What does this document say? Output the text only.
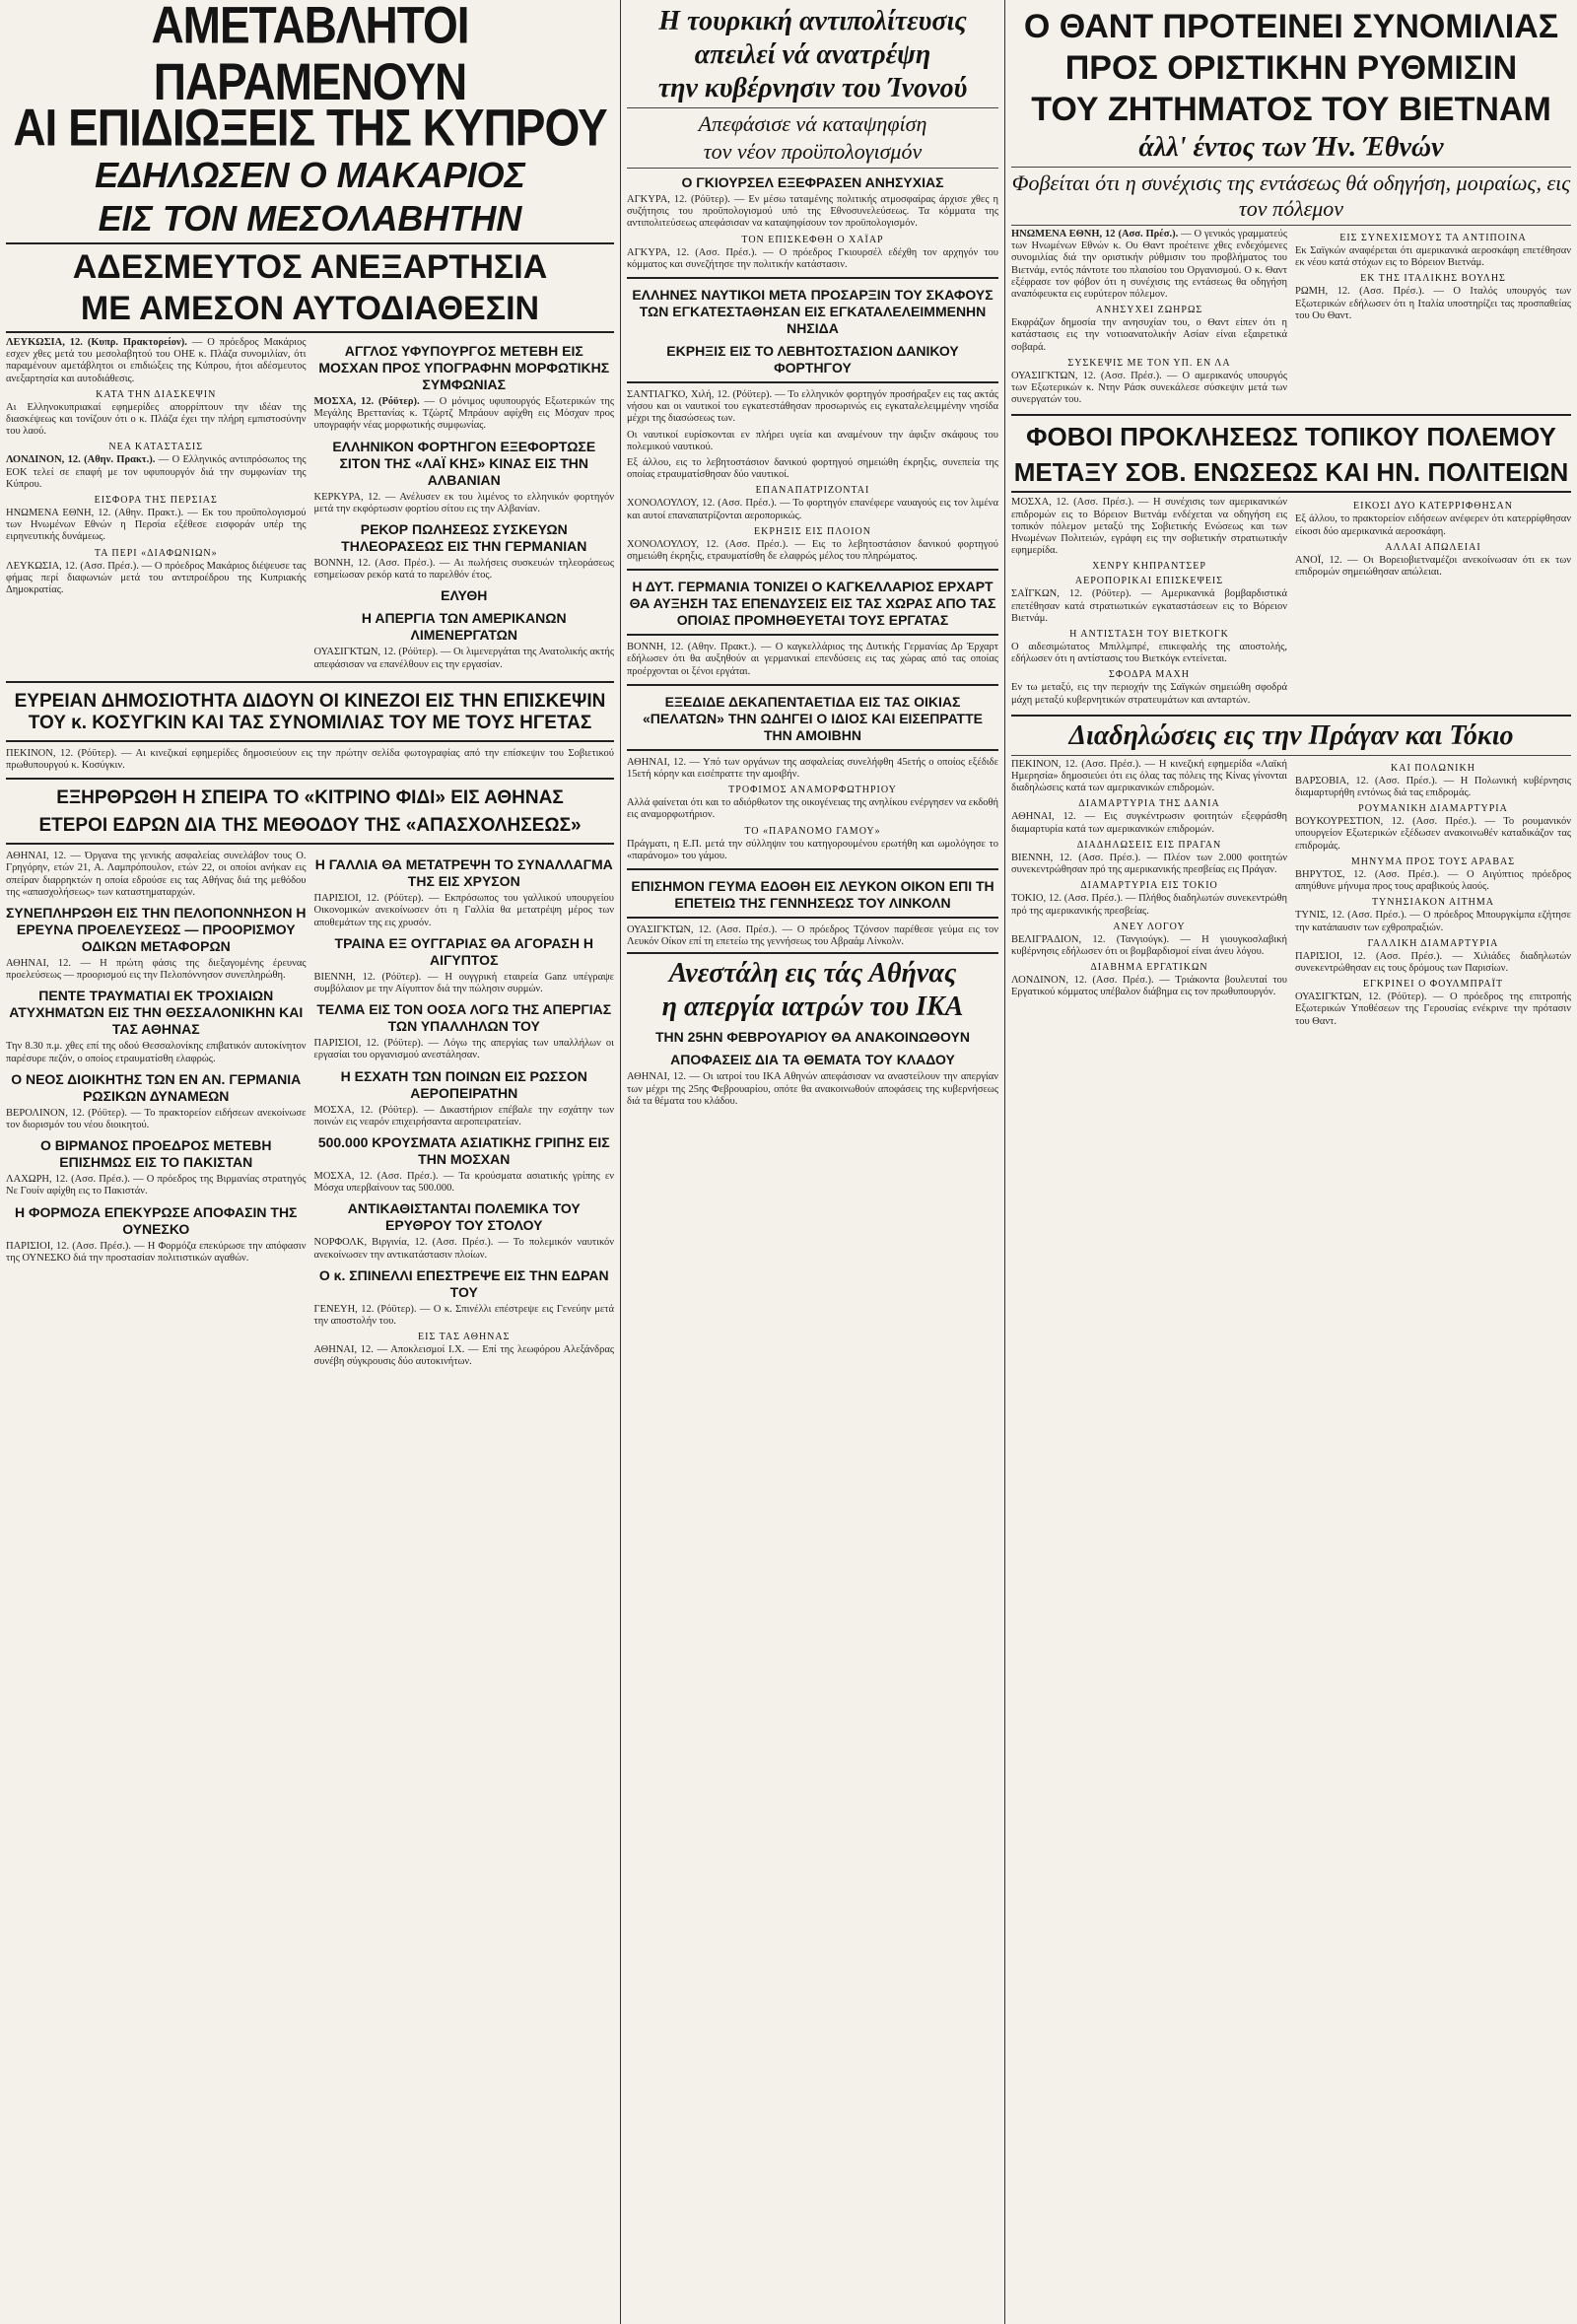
ΑΜΕΤΑΒΛΗΤΟΙ ΠΑΡΑΜΕΝΟΥΝ
ΑΙ ΕΠΙΔΙΩΞΕΙΣ ΤΗΣ ΚΥΠΡΟΥ
ΕΔΗΛΩΣΕΝ Ο ΜΑΚΑΡΙΟΣ
ΕΙΣ ΤΟΝ ΜΕΣΟΛΑΒΗΤΗΝ
ΑΔΕΣΜΕΥΤΟΣ ΑΝΕΞΑΡΤΗΣΙΑ
ΜΕ ΑΜΕΣΟΝ ΑΥΤΟΔΙΑΘΕΣΙΝ

ΛΕΥΚΩΣΙΑ, 12. (Κυπρ. Πρακτορείον). — Ο πρόεδρος Μακάριος εσχεν χθες μετά του μεσολαβητού του ΟΗΕ κ. Πλάζα συνομιλίαν, ότι παραμένουν αμετάβλητοι οι επιδιώξεις της Κύπρου, ήτοι αδέσμευτος ανεξαρτησία και αυτοδιάθεσις.

ΚΑΤΑ ΤΗΝ ΔΙΑΣΚΕΨΙΝ

Αι Ελληνοκυπριακαί εφημερίδες απορρίπτουν την ιδέαν της διασκέψεως και τονίζουν ότι ο κ. Πλάζα έχει την πλήρη εμπιστοσύνην του λαού.

ΝΕΑ ΚΑΤΑΣΤΑΣΙΣ

ΛΟΝΔΙΝΟΝ, 12. (Αθην. Πρακτ.). — Ο Ελληνικός αντιπρόσωπος της ΕΟΚ τελεί σε επαφή με τον υφυπουργόν διά την συμφωνίαν της Κύπρου.

ΕΙΣΦΟΡΑ ΤΗΣ ΠΕΡΣΙΑΣ

ΗΝΩΜΕΝΑ ΕΘΝΗ, 12. (Αθην. Πρακτ.). — Εκ του προϋπολογισμού των Ηνωμένων Εθνών η Περσία εξέθεσε εισφοράν υπέρ της ειρηνευτικής δυνάμεως.

ΤΑ ΠΕΡΙ «ΔΙΑΦΩΝΙΩΝ»

ΛΕΥΚΩΣΙΑ, 12. (Ασσ. Πρέσ.). — Ο πρόεδρος Μακάριος διέψευσε τας φήμας περί διαφωνιών μετά του αντιπροέδρου της Κυπριακής Δημοκρατίας.

ΑΓΓΛΟΣ ΥΦΥΠΟΥΡΓΟΣ ΜΕΤΕΒΗ ΕΙΣ ΜΟΣΧΑΝ ΠΡΟΣ ΥΠΟΓΡΑΦΗΝ ΜΟΡΦΩΤΙΚΗΣ ΣΥΜΦΩΝΙΑΣ

ΜΟΣΧΑ, 12. (Ρόϋτερ). — Ο μόνιμος υφυπουργός Εξωτερικών της Μεγάλης Βρεττανίας κ. Τζώρτζ Μπράουν αφίχθη εις Μόσχαν προς υπογραφήν νέας μορφωτικής συμφωνίας.

ΕΛΛΗΝΙΚΟΝ ΦΟΡΤΗΓΟΝ ΕΞΕΦΟΡΤΩΣΕ ΣΙΤΟΝ ΤΗΣ «ΛΑΪ ΚΗΣ» ΚΙΝΑΣ ΕΙΣ ΤΗΝ ΑΛΒΑΝΙΑΝ

ΚΕΡΚΥΡΑ, 12. — Ανέλυσεν εκ του λιμένος το ελληνικόν φορτηγόν μετά την εκφόρτωσιν φορτίου σίτου εις την Αλβανίαν.

ΡΕΚΟΡ ΠΩΛΗΣΕΩΣ ΣΥΣΚΕΥΩΝ ΤΗΛΕΟΡΑΣΕΩΣ ΕΙΣ ΤΗΝ ΓΕΡΜΑΝΙΑΝ

ΒΟΝΝΗ, 12. (Ασσ. Πρέσ.). — Αι πωλήσεις συσκευών τηλεοράσεως εσημείωσαν ρεκόρ κατά το παρελθόν έτος.

ΕΛΥΘΗ
Η ΑΠΕΡΓΙΑ ΤΩΝ ΑΜΕΡΙΚΑΝΩΝ ΛΙΜΕΝΕΡΓΑΤΩΝ

ΟΥΑΣΙΓΚΤΩΝ, 12. (Ρόϋτερ). — Οι λιμενεργάται της Ανατολικής ακτής απεφάσισαν να επανέλθουν εις την εργασίαν.

ΕΥΡΕΙΑΝ ΔΗΜΟΣΙΟΤΗΤΑ ΔΙΔΟΥΝ ΟΙ ΚΙΝΕΖΟΙ ΕΙΣ ΤΗΝ ΕΠΙΣΚΕΨΙΝ ΤΟΥ κ. ΚΟΣΥΓΚΙΝ ΚΑΙ ΤΑΣ ΣΥΝΟΜΙΛΙΑΣ ΤΟΥ ΜΕ ΤΟΥΣ ΗΓΕΤΑΣ

ΠΕΚΙΝΟΝ, 12. (Ρόϋτερ). — Αι κινεζικαί εφημερίδες δημοσιεύουν εις την πρώτην σελίδα φωτογραφίας από την επίσκεψιν του Σοβιετικού πρωθυπουργού κ. Κοσύγκιν.

ΕΞΗΡΘΡΩΘΗ Η ΣΠΕΙΡΑ ΤΟ «ΚΙΤΡΙΝΟ ΦΙΔΙ» ΕΙΣ ΑΘΗΝΑΣ
ΕΤΕΡΟΙ ΕΔΡΩΝ ΔΙΑ ΤΗΣ ΜΕΘΟΔΟΥ ΤΗΣ «ΑΠΑΣΧΟΛΗΣΕΩΣ»

ΑΘΗΝΑΙ, 12. — Όργανα της γενικής ασφαλείας συνελάβον τους Ο. Γρηγόρην, ετών 21, Α. Λαμπρόπουλον, ετών 22, οι οποίοι ανήκαν εις σπείραν διαρρηκτών η οποία εδρούσε εις τας Αθήνας διά της μεθόδου της «απασχολήσεως» των καταστηματαρχών.

ΣΥΝΕΠΛΗΡΩΘΗ ΕΙΣ ΤΗΝ ΠΕΛΟΠΟΝΝΗΣΟΝ Η ΕΡΕΥΝΑ ΠΡΟΕΛΕΥΣΕΩΣ — ΠΡΟΟΡΙΣΜΟΥ ΟΔΙΚΩΝ ΜΕΤΑΦΟΡΩΝ

ΑΘΗΝΑΙ, 12. — Η πρώτη φάσις της διεξαγομένης έρευνας προελεύσεως — προορισμού εις την Πελοπόννησον συνεπληρώθη.

ΠΕΝΤΕ ΤΡΑΥΜΑΤΙΑΙ ΕΚ ΤΡΟΧΙΑΙΩΝ ΑΤΥΧΗΜΑΤΩΝ ΕΙΣ ΤΗΝ ΘΕΣΣΑΛΟΝΙΚΗΝ ΚΑΙ ΤΑΣ ΑΘΗΝΑΣ

Την 8.30 π.μ. χθες επί της οδού Θεσσαλονίκης επιβατικόν αυτοκίνητον παρέσυρε πεζόν, ο οποίος ετραυματίσθη ελαφρώς.

Ο ΝΕΟΣ ΔΙΟΙΚΗΤΗΣ ΤΩΝ ΕΝ ΑΝ. ΓΕΡΜΑΝΙΑ ΡΩΣΙΚΩΝ ΔΥΝΑΜΕΩΝ

ΒΕΡΟΛΙΝΟΝ, 12. (Ρόϋτερ). — Το πρακτορείον ειδήσεων ανεκοίνωσε τον διορισμόν του νέου διοικητού.

Ο ΒΙΡΜΑΝΟΣ ΠΡΟΕΔΡΟΣ ΜΕΤΕΒΗ ΕΠΙΣΗΜΩΣ ΕΙΣ ΤΟ ΠΑΚΙΣΤΑΝ

ΛΑΧΩΡΗ, 12. (Ασσ. Πρέσ.). — Ο πρόεδρος της Βιρμανίας στρατηγός Νε Γουίν αφίχθη εις το Πακιστάν.

Η ΦΟΡΜΟΖΑ ΕΠΕΚΥΡΩΣΕ ΑΠΟΦΑΣΙΝ ΤΗΣ ΟΥΝΕΣΚΟ

ΠΑΡΙΣΙΟΙ, 12. (Ασσ. Πρέσ.). — Η Φορμόζα επεκύρωσε την απόφασιν της ΟΥΝΕΣΚΟ διά την προστασίαν πολιτιστικών αγαθών.

Η ΓΑΛΛΙΑ ΘΑ ΜΕΤΑΤΡΕΨΗ ΤΟ ΣΥΝΑΛΛΑΓΜΑ ΤΗΣ ΕΙΣ ΧΡΥΣΟΝ

ΠΑΡΙΣΙΟΙ, 12. (Ρόϋτερ). — Εκπρόσωπος του γαλλικού υπουργείου Οικονομικών ανεκοίνωσεν ότι η Γαλλία θα μετατρέψη μέρος των αποθεμάτων της εις χρυσόν.

ΤΡΑΙΝΑ ΕΞ ΟΥΓΓΑΡΙΑΣ ΘΑ ΑΓΟΡΑΣΗ Η ΑΙΓΥΠΤΟΣ

ΒΙΕΝΝΗ, 12. (Ρόϋτερ). — Η ουγγρική εταιρεία Ganz υπέγραψε συμβόλαιον με την Αίγυπτον διά την πώλησιν συρμών.

ΤΕΛΜΑ ΕΙΣ ΤΟΝ ΟΟΣΑ ΛΟΓΩ ΤΗΣ ΑΠΕΡΓΙΑΣ ΤΩΝ ΥΠΑΛΛΗΛΩΝ ΤΟΥ

ΠΑΡΙΣΙΟΙ, 12. (Ρόϋτερ). — Λόγω της απεργίας των υπαλλήλων οι εργασίαι του οργανισμού ανεστάλησαν.

Η ΕΣΧΑΤΗ ΤΩΝ ΠΟΙΝΩΝ ΕΙΣ ΡΩΣΣΟΝ ΑΕΡΟΠΕΙΡΑΤΗΝ

ΜΟΣΧΑ, 12. (Ρόϋτερ). — Δικαστήριον επέβαλε την εσχάτην των ποινών εις νεαρόν επιχειρήσαντα αεροπειρατείαν.

500.000 ΚΡΟΥΣΜΑΤΑ ΑΣΙΑΤΙΚΗΣ ΓΡΙΠΗΣ ΕΙΣ ΤΗΝ ΜΟΣΧΑΝ

ΜΟΣΧΑ, 12. (Ασσ. Πρέσ.). — Τα κρούσματα ασιατικής γρίπης εν Μόσχα υπερβαίνουν τας 500.000.

ΑΝΤΙΚΑΘΙΣΤΑΝΤΑΙ ΠΟΛΕΜΙΚΑ ΤΟΥ ΕΡΥΘΡΟΥ ΤΟΥ ΣΤΟΛΟΥ

ΝΟΡΦΟΛΚ, Βιργινία, 12. (Ασσ. Πρέσ.). — Το πολεμικόν ναυτικόν ανεκοίνωσεν την αντικατάστασιν πλοίων.

Ο κ. ΣΠΙΝΕΛΛΙ ΕΠΕΣΤΡΕΨΕ ΕΙΣ ΤΗΝ ΕΔΡΑΝ ΤΟΥ

ΓΕΝΕΥΗ, 12. (Ρόϋτερ). — Ο κ. Σπινέλλι επέστρεψε εις Γενεύην μετά την αποστολήν του.

ΕΙΣ ΤΑΣ ΑΘΗΝΑΣ

ΑΘΗΝΑΙ, 12. — Αποκλεισμοί Ι.Χ. — Επί της λεωφόρου Αλεξάνδρας συνέβη σύγκρουσις δύο αυτοκινήτων.

Η τουρκική αντιπολίτευσις
απειλεί νά ανατρέψη
την κυβέρνησιν του Ίνονού
Απεφάσισε νά καταψηφίση
τον νέον προϋπολογισμόν
Ο ΓΚΙΟΥΡΣΕΛ ΕΞΕΦΡΑΣΕΝ ΑΝΗΣΥΧΙΑΣ

ΑΓΚΥΡΑ, 12. (Ρόϋτερ). — Εν μέσω ταταμένης πολιτικής ατμοσφαίρας άρχισε χθες η συζήτησις του προϋπολογισμού υπό της Εθνοσυνελεύσεως. Τα κόμματα της αντιπολιτεύσεως απεφάσισαν να καταψηφίσουν τον προϋπολογισμόν.

ΤΟΝ ΕΠΙΣΚΕΦΘΗ Ο ΧΑΪΑΡ

ΑΓΚΥΡΑ, 12. (Ασσ. Πρέσ.). — Ο πρόεδρος Γκιουρσέλ εδέχθη τον αρχηγόν του κόμματος και συνεζήτησε την πολιτικήν κατάστασιν.

ΕΛΛΗΝΕΣ ΝΑΥΤΙΚΟΙ ΜΕΤΑ ΠΡΟΣΑΡΞΙΝ ΤΟΥ ΣΚΑΦΟΥΣ ΤΩΝ ΕΓΚΑΤΕΣΤΑΘΗΣΑΝ ΕΙΣ ΕΓΚΑΤΑΛΕΛΕΙΜΜΕΝΗΝ ΝΗΣΙΔΑ
ΕΚΡΗΞΙΣ ΕΙΣ ΤΟ ΛΕΒΗΤΟΣΤΑΣΙΟΝ ΔΑΝΙΚΟΥ ΦΟΡΤΗΓΟΥ

ΣΑΝΤΙΑΓΚΟ, Χιλή, 12. (Ρόϋτερ). — Το ελληνικόν φορτηγόν προσήραξεν εις τας ακτάς νήσου και οι ναυτικοί του εγκατεστάθησαν προσωρινώς εις εγκαταλελειμμένην νησίδα μέχρι της διασώσεως των.

Οι ναυτικοί ευρίσκονται εν πλήρει υγεία και αναμένουν την άφιξιν σκάφους του πολεμικού ναυτικού.

Εξ άλλου, εις το λεβητοστάσιον δανικού φορτηγού σημειώθη έκρηξις, συνεπεία της οποίας ετραυματίσθησαν δύο ναυτικοί.

ΕΠΑΝΑΠΑΤΡΙΖΟΝΤΑΙ

ΧΟΝΟΛΟΥΛΟΥ, 12. (Ασσ. Πρέσ.). — Το φορτηγόν επανέφερε ναυαγούς εις τον λιμένα και αυτοί επαναπατρίζονται αεροπορικώς.

ΕΚΡΗΞΙΣ ΕΙΣ ΠΛΟΙΟΝ

ΧΟΝΟΛΟΥΛΟΥ, 12. (Ασσ. Πρέσ.). — Εις το λεβητοστάσιον δανικού φορτηγού σημειώθη έκρηξις, ετραυματίσθη δε ελαφρώς μέλος του πληρώματος.

Η ΔΥΤ. ΓΕΡΜΑΝΙΑ ΤΟΝΙΖΕΙ Ο ΚΑΓΚΕΛΛΑΡΙΟΣ ΕΡΧΑΡΤ ΘΑ ΑΥΞΗΣΗ ΤΑΣ ΕΠΕΝΔΥΣΕΙΣ ΕΙΣ ΤΑΣ ΧΩΡΑΣ ΑΠΟ ΤΑΣ ΟΠΟΙΑΣ ΠΡΟΜΗΘΕΥΕΤΑΙ ΤΟΥΣ ΕΡΓΑΤΑΣ

ΒΟΝΝΗ, 12. (Αθην. Πρακτ.). — Ο καγκελλάριος της Δυτικής Γερμανίας Δρ Έρχαρτ εδήλωσεν ότι θα αυξηθούν αι γερμανικαί επενδύσεις εις τας χώρας από τας οποίας προέρχονται οι ξένοι εργάται.

ΕΞΕΔΙΔΕ ΔΕΚΑΠΕΝΤΑΕΤΙΔΑ ΕΙΣ ΤΑΣ ΟΙΚΙΑΣ «ΠΕΛΑΤΩΝ» ΤΗΝ ΩΔΗΓΕΙ Ο ΙΔΙΟΣ ΚΑΙ ΕΙΣΕΠΡΑΤΤΕ ΤΗΝ ΑΜΟΙΒΗΝ

ΑΘΗΝΑΙ, 12. — Υπό των οργάνων της ασφαλείας συνελήφθη 45ετής ο οποίος εξέδιδε 15ετή κόρην και εισέπραττε την αμοιβήν.

ΤΡΟΦΙΜΟΣ ΑΝΑΜΟΡΦΩΤΗΡΙΟΥ

Αλλά φαίνεται ότι και το αδιόρθωτον της οικογένειας της ανηλίκου ενέργησεν να εκδοθή εις αναμορφωτήριον.

ΤΟ «ΠΑΡΑΝΟΜΟ ΓΑΜΟΥ»

Πράγματι, η Ε.Π. μετά την σύλληψιν του κατηγορουμένου ερωτήθη και ωμολόγησε το «παράνομο» του γάμου.

ΕΠΙΣΗΜΟΝ ΓΕΥΜΑ ΕΔΟΘΗ ΕΙΣ ΛΕΥΚΟΝ ΟΙΚΟΝ ΕΠΙ ΤΗ ΕΠΕΤΕΙΩ ΤΗΣ ΓΕΝΝΗΣΕΩΣ ΤΟΥ ΛΙΝΚΟΛΝ

ΟΥΑΣΙΓΚΤΩΝ, 12. (Ασσ. Πρέσ.). — Ο πρόεδρος Τζόνσον παρέθεσε γεύμα εις τον Λευκόν Οίκον επί τη επετείω της γεννήσεως του Αβραάμ Λίνκολν.

Ανεστάλη εις τάς Αθήνας
η απεργία ιατρών του ΙΚΑ
ΤΗΝ 25ΗΝ ΦΕΒΡΟΥΑΡΙΟΥ ΘΑ ΑΝΑΚΟΙΝΩΘΟΥΝ
ΑΠΟΦΑΣΕΙΣ ΔΙΑ ΤΑ ΘΕΜΑΤΑ ΤΟΥ ΚΛΑΔΟΥ

ΑΘΗΝΑΙ, 12. — Οι ιατροί του ΙΚΑ Αθηνών απεφάσισαν να αναστείλουν την απεργίαν των μέχρι της 25ης Φεβρουαρίου, οπότε θα ανακοινωθούν αποφάσεις της κυβερνήσεως διά τα θέματα του κλάδου.

Ο ΘΑΝΤ ΠΡΟΤΕΙΝΕΙ ΣΥΝΟΜΙΛΙΑΣ
ΠΡΟΣ ΟΡΙΣΤΙΚΗΝ ΡΥΘΜΙΣΙΝ
ΤΟΥ ΖΗΤΗΜΑΤΟΣ ΤΟΥ ΒΙΕΤΝΑΜ
άλλ' έντος των Ήν. Έθνών
Φοβείται ότι η συνέχισις της εντάσεως θά οδηγήση, μοιραίως, εις τον πόλεμον

ΗΝΩΜΕΝΑ ΕΘΝΗ, 12 (Ασσ. Πρέσ.). — Ο γενικός γραμματεύς των Ηνωμένων Εθνών κ. Ου Θαντ προέτεινε χθες ενδεχόμενες συνομιλίας διά την οριστικήν ρύθμισιν του προβλήματος του Βιετνάμ, εντός πάντοτε του πλαισίου του Οργανισμού. Ο κ. Θαντ εξέφρασε τον φόβον ότι η συνέχισις της εντάσεως θα οδηγήση αναπόφευκτα εις ευρύτερον πόλεμον.

ΑΝΗΣΥΧΕΙ ΖΩΗΡΩΣ

Εκφράζων δημοσία την ανησυχίαν του, ο Θαντ είπεν ότι η κατάστασις εις την νοτιοανατολικήν Ασίαν είναι εξαιρετικά σοβαρά.

ΣΥΣΚΕΨΙΣ ΜΕ ΤΟΝ ΥΠ. ΕΝ ΛΑ

ΟΥΑΣΙΓΚΤΩΝ, 12. (Ασσ. Πρέσ.). — Ο αμερικανός υπουργός των Εξωτερικών κ. Ντην Ράσκ συνεκάλεσε σύσκεψιν μετά των συνεργατών του.

ΕΙΣ ΣΥΝΕΧΙΣΜΟΥΣ ΤΑ ΑΝΤΙΠΟΙΝΑ

Εκ Σαϊγκών αναφέρεται ότι αμερικανικά αεροσκάφη επετέθησαν εκ νέου κατά στόχων εις το Βόρειον Βιετνάμ.

ΕΚ ΤΗΣ ΙΤΑΛΙΚΗΣ ΒΟΥΛΗΣ

ΡΩΜΗ, 12. (Ασσ. Πρέσ.). — Ο Ιταλός υπουργός των Εξωτερικών εδήλωσεν ότι η Ιταλία υποστηρίζει τας προσπαθείας του Ου Θαντ.

ΦΟΒΟΙ ΠΡΟΚΛΗΣΕΩΣ ΤΟΠΙΚΟΥ ΠΟΛΕΜΟΥ
ΜΕΤΑΞΥ ΣΟΒ. ΕΝΩΣΕΩΣ ΚΑΙ ΗΝ. ΠΟΛΙΤΕΙΩΝ

ΜΟΣΧΑ, 12. (Ασσ. Πρέσ.). — Η συνέχισις των αμερικανικών επιδρομών εις το Βόρειον Βιετνάμ ενδέχεται να οδηγήση εις τοπικόν πόλεμον μεταξύ της Σοβιετικής Ενώσεως και των Ηνωμένων Πολιτειών, εγράφη εις την σοβιετικήν στρατιωτικήν εφημερίδα.

ΧΕΝΡΥ ΚΗΠΡΑΝΤΣΕΡ
ΑΕΡΟΠΟΡΙΚΑΙ ΕΠΙΣΚΕΨΕΙΣ

ΣΑΪΓΚΩΝ, 12. (Ρόϋτερ). — Αμερικανικά βομβαρδιστικά επετέθησαν κατά στρατιωτικών εγκαταστάσεων εις το Βόρειον Βιετνάμ.

Η ΑΝΤΙΣΤΑΣΗ ΤΟΥ ΒΙΕΤΚΟΓΚ

Ο αιδεσιμώτατος Μπιλλμπρέ, επικεφαλής της αποστολής, εδήλωσεν ότι η αντίστασις του Βιετκόγκ εντείνεται.

ΣΦΟΔΡΑ ΜΑΧΗ

Εν τω μεταξύ, εις την περιοχήν της Σαϊγκών σημειώθη σφοδρά μάχη μεταξύ κυβερνητικών στρατευμάτων και ανταρτών.

ΕΙΚΟΣΙ ΔΥΟ ΚΑΤΕΡΡΙΦΘΗΣΑΝ

Εξ άλλου, το πρακτορείον ειδήσεων ανέφερεν ότι κατερρίφθησαν είκοσι δύο αμερικανικά αεροσκάφη.

ΑΛΛΑΙ ΑΠΩΛΕΙΑΙ

ΑΝΟΪ, 12. — Οι Βορειοβιετναμέζοι ανεκοίνωσαν ότι εκ των επιδρομών σημειώθησαν απώλειαι.

Διαδηλώσεις εις την Πράγαν και Τόκιο

ΠΕΚΙΝΟΝ, 12. (Ασσ. Πρέσ.). — Η κινεζική εφημερίδα «Λαϊκή Ημερησία» δημοσιεύει ότι εις όλας τας πόλεις της Κίνας γίνονται διαδηλώσεις κατά των αμερικανικών επιδρομών.

ΔΙΑΜΑΡΤΥΡΙΑ ΤΗΣ ΔΑΝΙΑ

ΑΘΗΝΑΙ, 12. — Εις συγκέντρωσιν φοιτητών εξεφράσθη διαμαρτυρία κατά των αμερικανικών επιδρομών.

ΔΙΑΔΗΛΩΣΕΙΣ ΕΙΣ ΠΡΑΓΑΝ

ΒΙΕΝΝΗ, 12. (Ασσ. Πρέσ.). — Πλέον των 2.000 φοιτητών συνεκεντρώθησαν πρό της αμερικανικής πρεσβείας εις Πράγαν.

ΔΙΑΜΑΡΤΥΡΙΑ ΕΙΣ ΤΟΚΙΟ

ΤΟΚΙΟ, 12. (Ασσ. Πρέσ.). — Πλήθος διαδηλωτών συνεκεντρώθη πρό της αμερικανικής πρεσβείας.

ΑΝΕΥ ΛΟΓΟΥ

ΒΕΛΙΓΡΑΔΙΟΝ, 12. (Τανγιούγκ). — Η γιουγκοσλαβική κυβέρνησις εδήλωσεν ότι οι βομβαρδισμοί είναι άνευ λόγου.

ΔΙΑΒΗΜΑ ΕΡΓΑΤΙΚΩΝ

ΛΟΝΔΙΝΟΝ, 12. (Ασσ. Πρέσ.). — Τριάκοντα βουλευταί του Εργατικού κόμματος υπέβαλον διάβημα εις τον πρωθυπουργόν.

ΚΑΙ ΠΟΛΩΝΙΚΗ

ΒΑΡΣΟΒΙΑ, 12. (Ασσ. Πρέσ.). — Η Πολωνική κυβέρνησις διαμαρτυρήθη εντόνως διά τας επιδρομάς.

ΡΟΥΜΑΝΙΚΗ ΔΙΑΜΑΡΤΥΡΙΑ

ΒΟΥΚΟΥΡΕΣΤΙΟΝ, 12. (Ασσ. Πρέσ.). — Το ρουμανικόν υπουργείον Εξωτερικών εξέδωσεν ανακοινωθέν καταδικάζον τας επιδρομάς.

ΜΗΝΥΜΑ ΠΡΟΣ ΤΟΥΣ ΑΡΑΒΑΣ

ΒΗΡΥΤΟΣ, 12. (Ασσ. Πρέσ.). — Ο Αιγύπτιος πρόεδρος απηύθυνε μήνυμα προς τους αραβικούς λαούς.

ΤΥΝΗΣΙΑΚΟΝ ΑΙΤΗΜΑ

ΤΥΝΙΣ, 12. (Ασσ. Πρέσ.). — Ο πρόεδρος Μπουργκίμπα εζήτησε την κατάπαυσιν των εχθροπραξιών.

ΓΑΛΛΙΚΗ ΔΙΑΜΑΡΤΥΡΙΑ

ΠΑΡΙΣΙΟΙ, 12. (Ασσ. Πρέσ.). — Χιλιάδες διαδηλωτών συνεκεντρώθησαν εις τους δρόμους των Παρισίων.

ΕΓΚΡΙΝΕΙ Ο ΦΟΥΛΜΠΡΑΪΤ

ΟΥΑΣΙΓΚΤΩΝ, 12. (Ρόϋτερ). — Ο πρόεδρος της επιτροπής Εξωτερικών Υποθέσεων της Γερουσίας ενέκρινε την πρότασιν του Θαντ.
